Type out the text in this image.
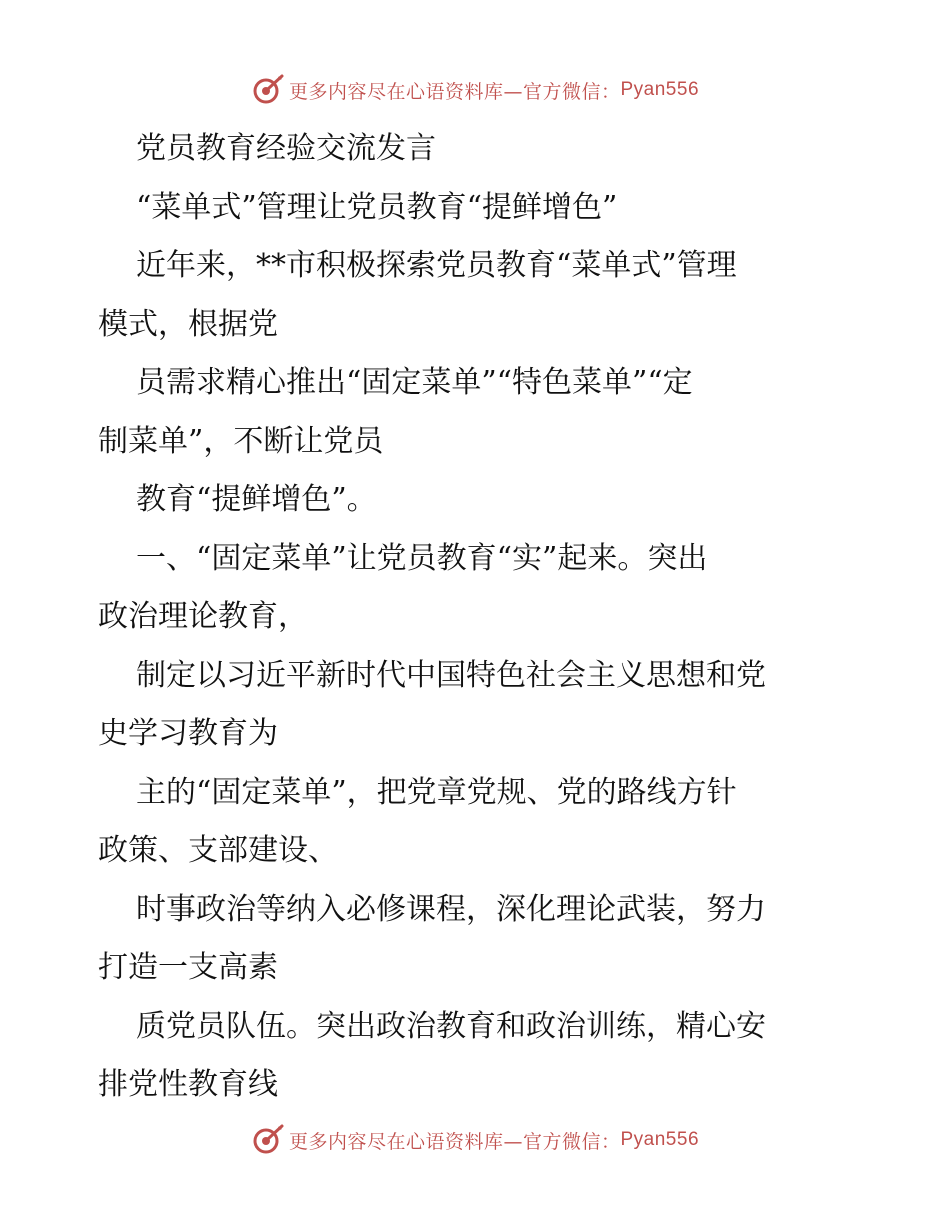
更多内容尽在心语资料库—官方微信： Pyan556

党员教育经验交流发言

“菜单式”管理让党员教育“提鲜增色”

近年来，**市积极探索党员教育“菜单式”管理

模式，根据党

员需求精心推出“固定菜单”“特色菜单”“定

制菜单”，不断让党员

教育“提鲜增色”。

一、“固定菜单”让党员教育“实”起来。突出

政治理论教育，

制定以习近平新时代中国特色社会主义思想和党

史学习教育为

主的“固定菜单”，把党章党规、党的路线方针

政策、支部建设、

时事政治等纳入必修课程，深化理论武装，努力

打造一支高素

质党员队伍。突出政治教育和政治训练，精心安

排党性教育线

更多内容尽在心语资料库—官方微信： Pyan556
